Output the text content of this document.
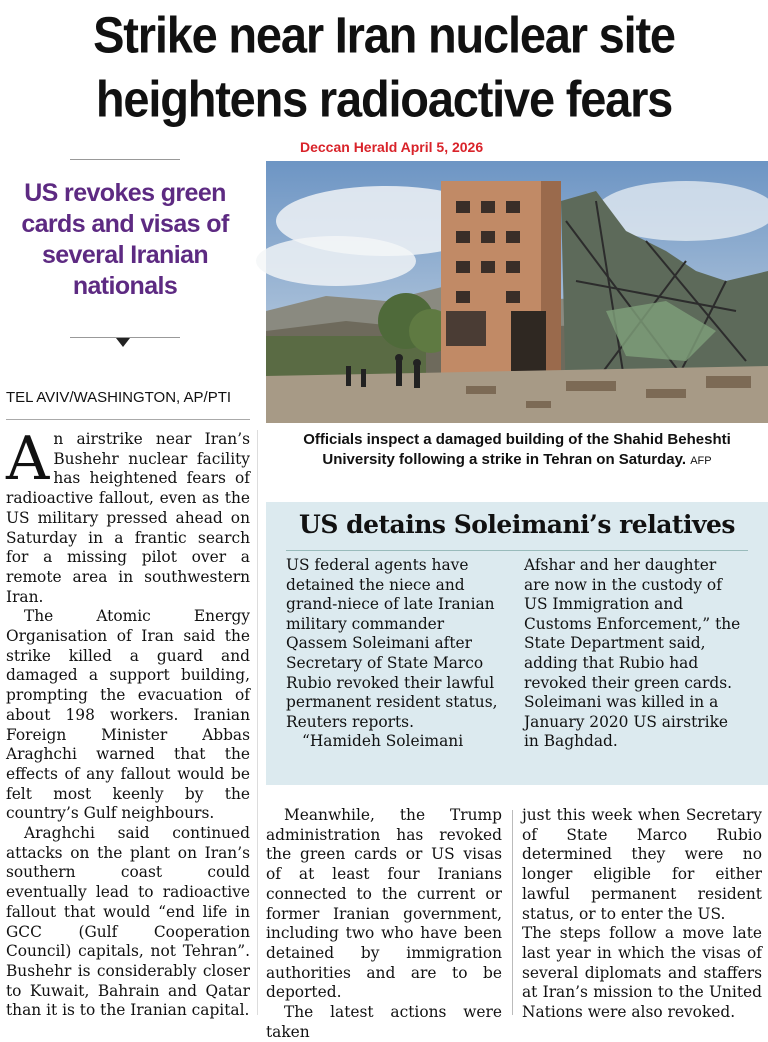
Strike near Iran nuclear site
heightens radioactive fears
Deccan Herald April 5, 2026
US revokes green cards and visas of several Iranian nationals
TEL AVIV/WASHINGTON, AP/PTI
Officials inspect a damaged building of the Shahid Beheshti University following a strike in Tehran on Saturday. AFP

An airstrike near Iran’s Bushehr nuclear facility has heightened fears of radioactive fallout, even as the US military pressed ahead on Saturday in a frantic search for a missing pilot over a remote area in southwestern Iran.

The Atomic Energy Organisation of Iran said the strike killed a guard and damaged a support building, prompting the evacuation of about 198 workers. Iranian Foreign Minister Abbas Araghchi warned that the effects of any fallout would be felt most keenly by the country’s Gulf neighbours.

Araghchi said continued attacks on the plant on Iran’s southern coast could eventually lead to radioactive fallout that would “end life in GCC (Gulf Cooperation Council) capitals, not Tehran”. Bushehr is considerably closer to Kuwait, Bahrain and Qatar than it is to the Iranian capital.

US detains Soleimani’s relatives

US federal agents have detained the niece and grand-niece of late Iranian military commander Qassem Soleimani after Secretary of State Marco Rubio revoked their lawful permanent resident status, Reuters reports.

“Hamideh Soleimani

Afshar and her daughter are now in the custody of US Immigration and Customs Enforcement,” the State Department said, adding that Rubio had revoked their green cards.

Soleimani was killed in a January 2020 US airstrike in Baghdad.

Meanwhile, the Trump administration has revoked the green cards or US visas of at least four Iranians connected to the current or former Iranian government, including two who have been detained by immigration authorities and are to be deported.

The latest actions were taken

just this week when Secretary of State Marco Rubio determined they were no longer eligible for either lawful permanent resident status, or to enter the US.

The steps follow a move late last year in which the visas of several diplomats and staffers at Iran’s mission to the United Nations were also revoked.
